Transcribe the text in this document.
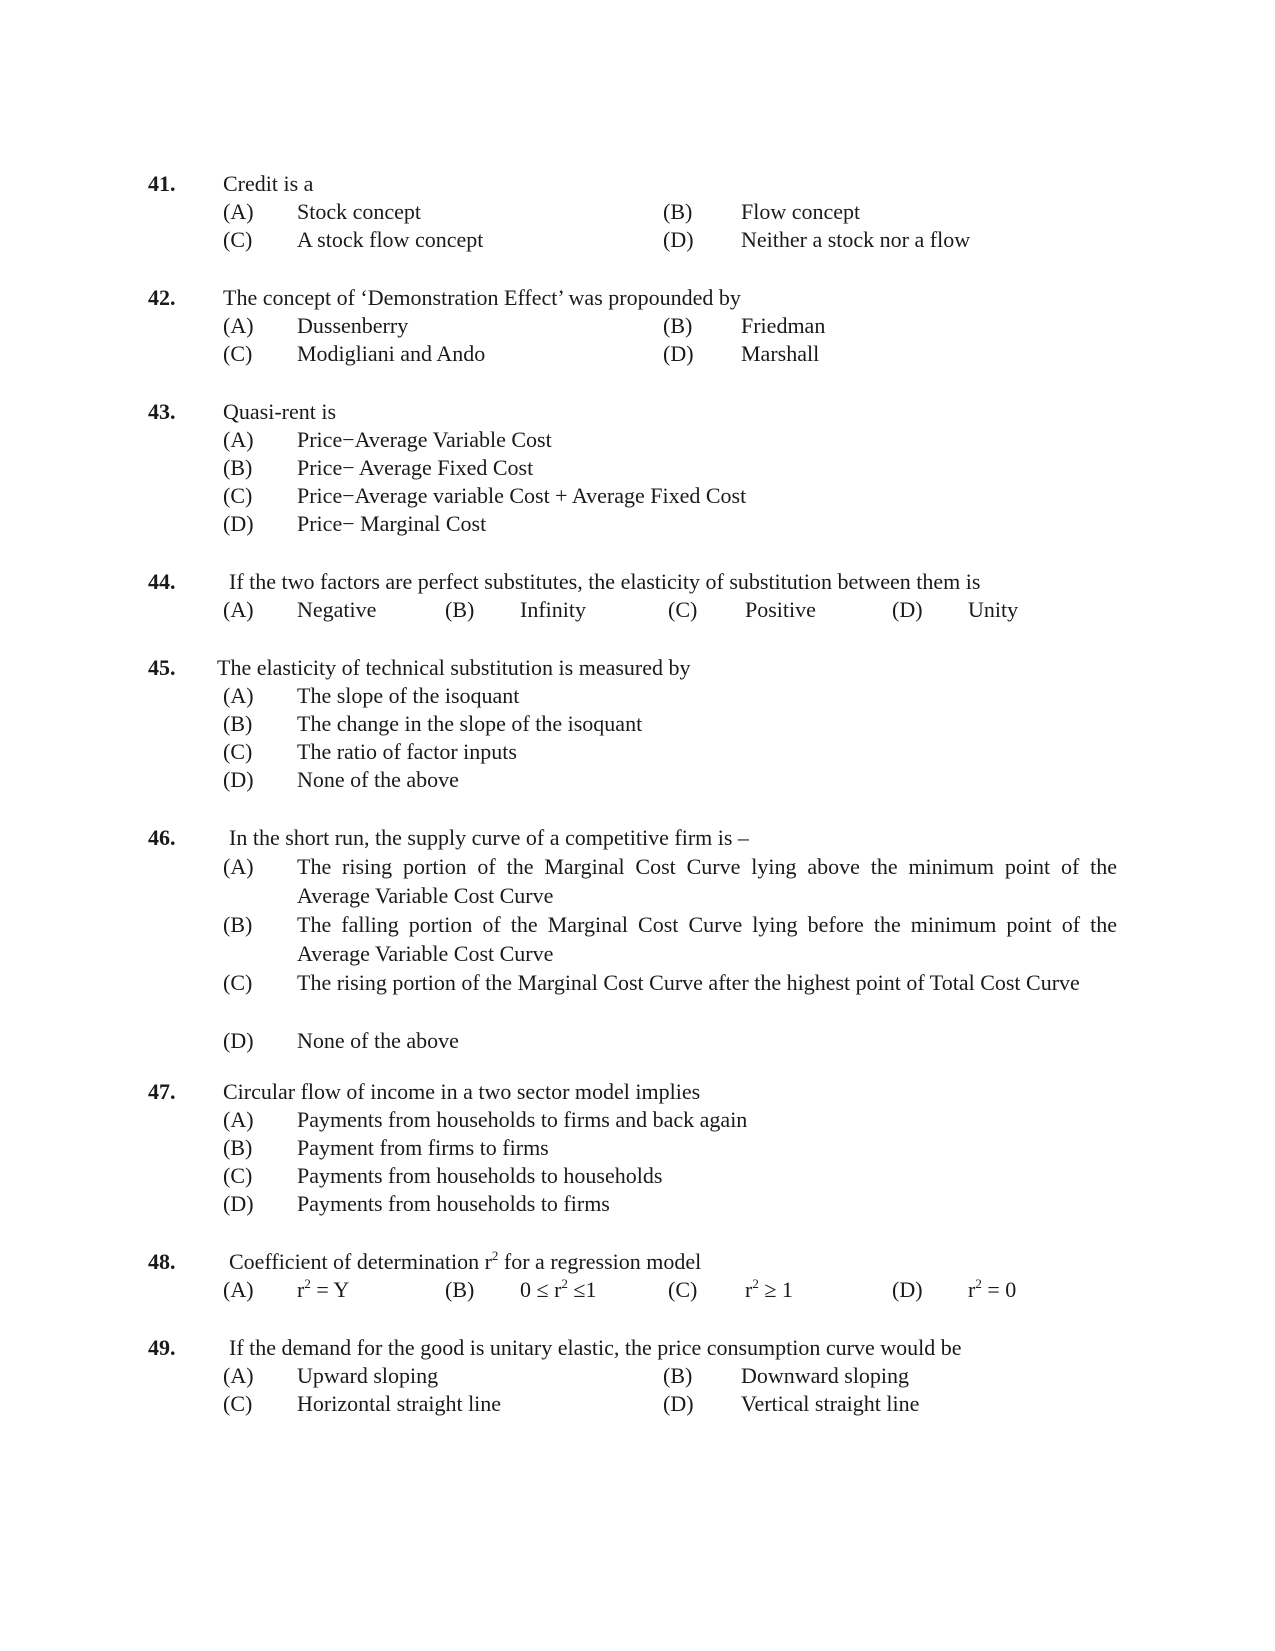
41. Credit is a
(A) Stock concept	(B) Flow concept
(C) A stock flow concept	(D) Neither a stock nor a flow
42. The concept of ‘Demonstration Effect’ was propounded by
(A) Dussenberry	(B) Friedman
(C) Modigliani and Ando	(D) Marshall
43. Quasi-rent is
(A) Price−Average Variable Cost
(B) Price− Average Fixed Cost
(C) Price−Average variable Cost + Average Fixed Cost
(D) Price− Marginal Cost
44. If the two factors are perfect substitutes, the elasticity of substitution between them is
(A) Negative	(B) Infinity	(C) Positive	(D) Unity
45. The elasticity of technical substitution is measured by
(A) The slope of the isoquant
(B) The change in the slope of the isoquant
(C) The ratio of factor inputs
(D) None of the above
46. In the short run, the supply curve of a competitive firm is –
(A) The rising portion of the Marginal Cost Curve lying above the minimum point of the Average Variable Cost Curve
(B) The falling portion of the Marginal Cost Curve lying before the minimum point of the Average Variable Cost Curve
(C) The rising portion of the Marginal Cost Curve after the highest point of Total Cost Curve
(D) None of the above
47. Circular flow of income in a two sector model implies
(A) Payments from households to firms and back again
(B) Payment from firms to firms
(C) Payments from households to households
(D) Payments from households to firms
48. Coefficient of determination $r^2$ for a regression model
(A) $r^2 = Y$	(B) $0 \le r^2 \le 1$	(C) $r^2 \ge 1$	(D) $r^2 = 0$
49. If the demand for the good is unitary elastic, the price consumption curve would be
(A) Upward sloping	(B) Downward sloping
(C) Horizontal straight line	(D) Vertical straight line
